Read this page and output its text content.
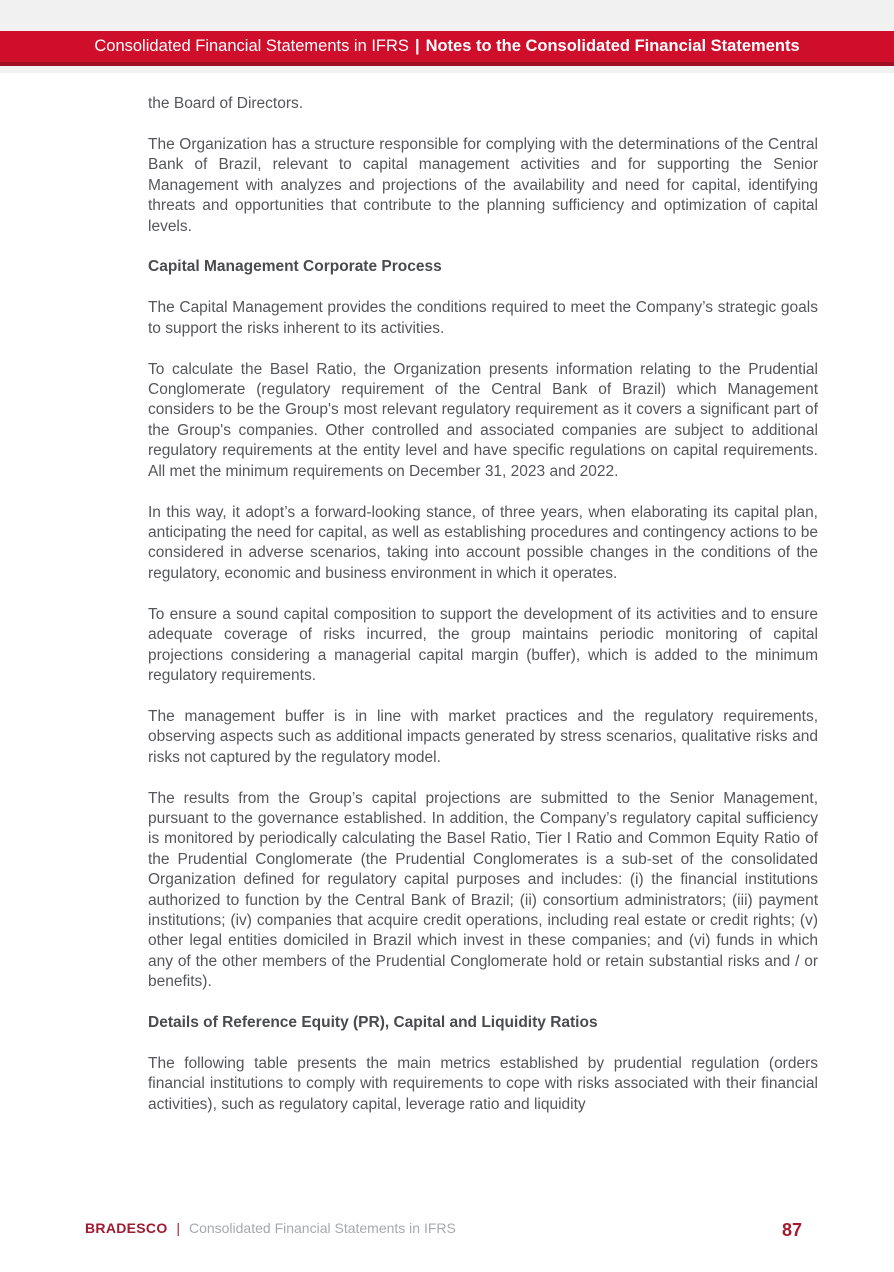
Consolidated Financial Statements in IFRS | Notes to the Consolidated Financial Statements

the Board of Directors.

The Organization has a structure responsible for complying with the determinations of the Central Bank of Brazil, relevant to capital management activities and for supporting the Senior Management with analyzes and projections of the availability and need for capital, identifying threats and opportunities that contribute to the planning sufficiency and optimization of capital levels.

Capital Management Corporate Process

The Capital Management provides the conditions required to meet the Company’s strategic goals to support the risks inherent to its activities.

To calculate the Basel Ratio, the Organization presents information relating to the Prudential Conglomerate (regulatory requirement of the Central Bank of Brazil) which Management considers to be the Group's most relevant regulatory requirement as it covers a significant part of the Group's companies. Other controlled and associated companies are subject to additional regulatory requirements at the entity level and have specific regulations on capital requirements. All met the minimum requirements on December 31, 2023 and 2022.

In this way, it adopt’s a forward-looking stance, of three years, when elaborating its capital plan, anticipating the need for capital, as well as establishing procedures and contingency actions to be considered in adverse scenarios, taking into account possible changes in the conditions of the regulatory, economic and business environment in which it operates.

To ensure a sound capital composition to support the development of its activities and to ensure adequate coverage of risks incurred, the group maintains periodic monitoring of capital projections considering a managerial capital margin (buffer), which is added to the minimum regulatory requirements.

The management buffer is in line with market practices and the regulatory requirements, observing aspects such as additional impacts generated by stress scenarios, qualitative risks and risks not captured by the regulatory model.

The results from the Group’s capital projections are submitted to the Senior Management, pursuant to the governance established. In addition, the Company’s regulatory capital sufficiency is monitored by periodically calculating the Basel Ratio, Tier I Ratio and Common Equity Ratio of the Prudential Conglomerate (the Prudential Conglomerates is a sub-set of the consolidated Organization defined for regulatory capital purposes and includes: (i) the financial institutions authorized to function by the Central Bank of Brazil; (ii) consortium administrators; (iii) payment institutions; (iv) companies that acquire credit operations, including real estate or credit rights; (v) other legal entities domiciled in Brazil which invest in these companies; and (vi) funds in which any of the other members of the Prudential Conglomerate hold or retain substantial risks and / or benefits).

Details of Reference Equity (PR), Capital and Liquidity Ratios

The following table presents the main metrics established by prudential regulation (orders financial institutions to comply with requirements to cope with risks associated with their financial activities), such as regulatory capital, leverage ratio and liquidity

BRADESCO | Consolidated Financial Statements in IFRS	87
